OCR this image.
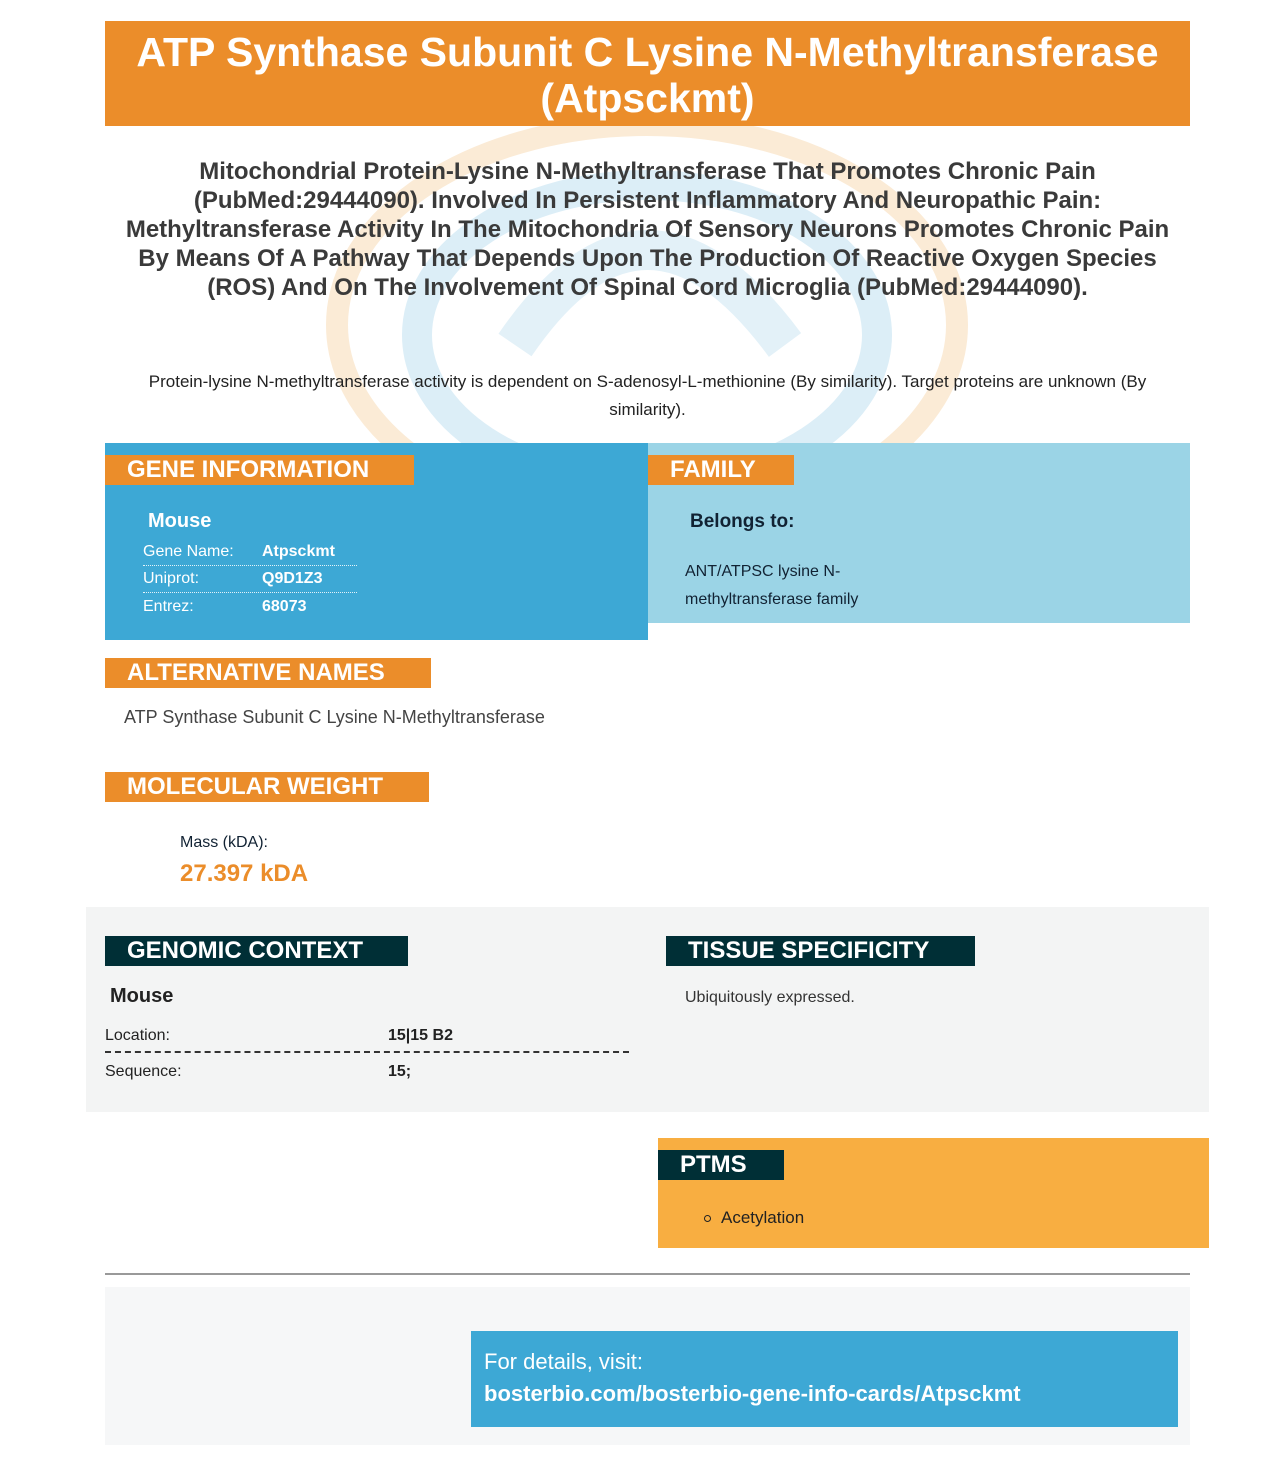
ATP Synthase Subunit C Lysine N-Methyltransferase (Atpsckmt)
Mitochondrial Protein-Lysine N-Methyltransferase That Promotes Chronic Pain (PubMed:29444090). Involved In Persistent Inflammatory And Neuropathic Pain: Methyltransferase Activity In The Mitochondria Of Sensory Neurons Promotes Chronic Pain By Means Of A Pathway That Depends Upon The Production Of Reactive Oxygen Species (ROS) And On The Involvement Of Spinal Cord Microglia (PubMed:29444090).
Protein-lysine N-methyltransferase activity is dependent on S-adenosyl-L-methionine (By similarity). Target proteins are unknown (By similarity).
GENE INFORMATION
Mouse
Gene Name:	Atpsckmt
Uniprot:	Q9D1Z3
Entrez:	68073
FAMILY
Belongs to:
ANT/ATPSC lysine N-methyltransferase family
ALTERNATIVE NAMES
ATP Synthase Subunit C Lysine N-Methyltransferase
MOLECULAR WEIGHT
Mass (kDA):
27.397 kDA
GENOMIC CONTEXT
Mouse
Location:	15|15 B2
Sequence:	15;
TISSUE SPECIFICITY
Ubiquitously expressed.
PTMS
Acetylation
For details, visit:
bosterbio.com/bosterbio-gene-info-cards/Atpsckmt
